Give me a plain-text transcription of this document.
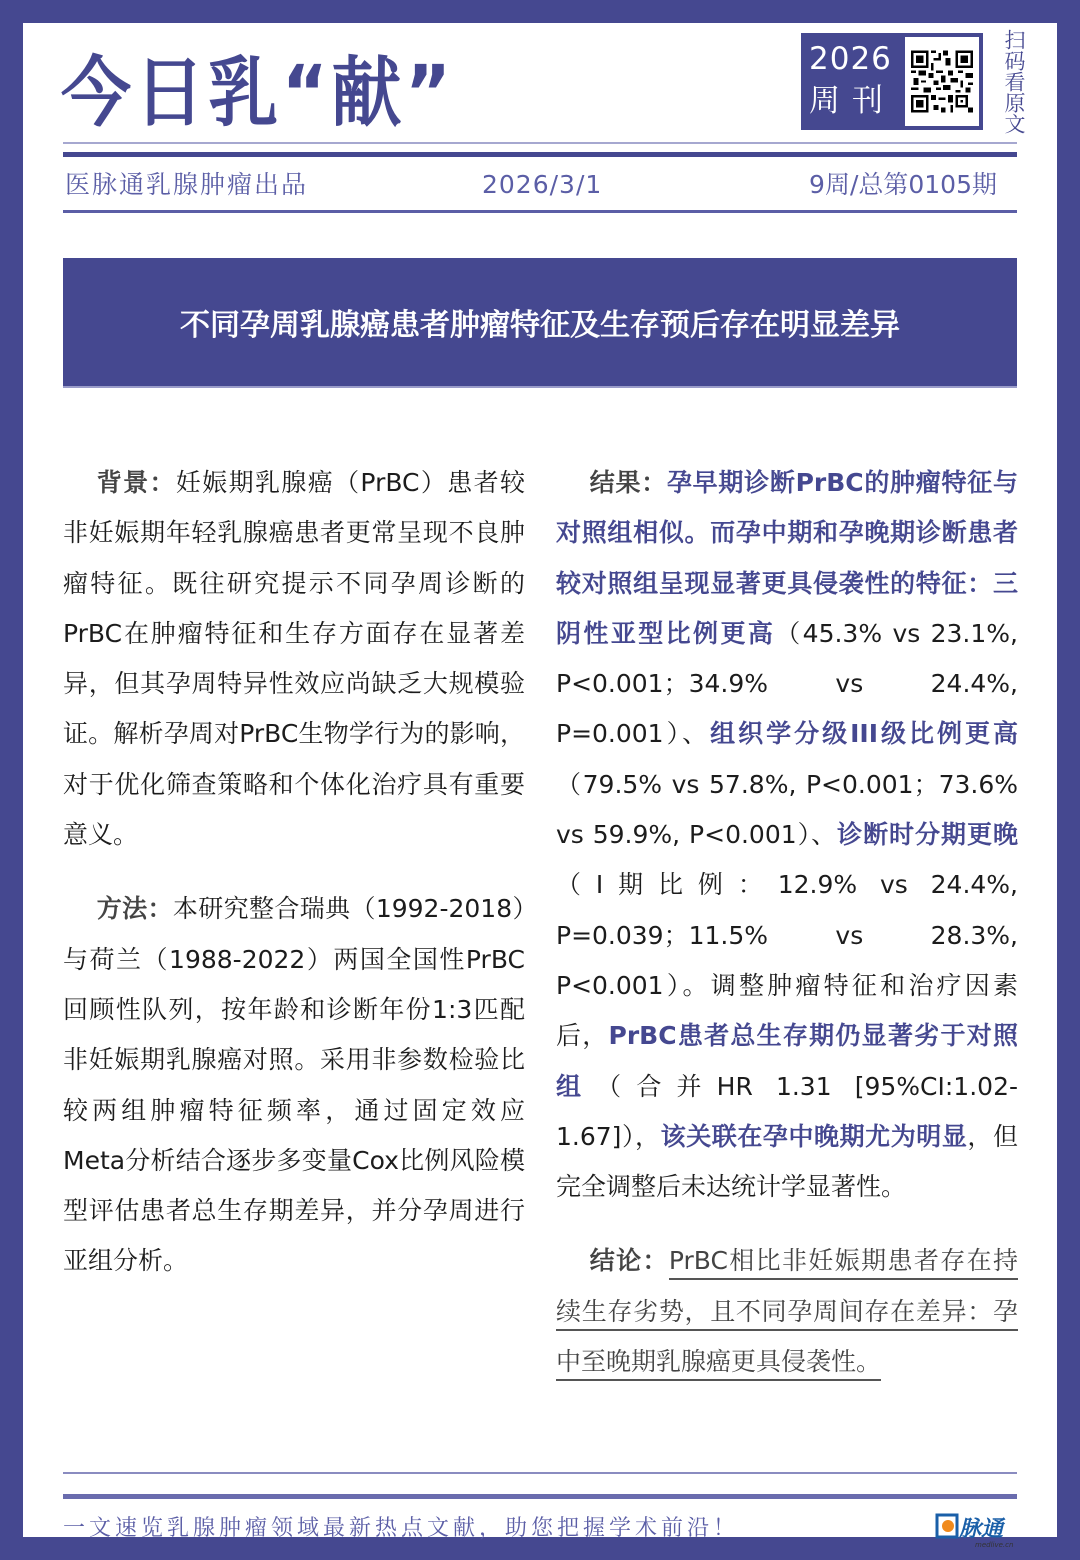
今日乳“献”	2026
周刊	扫码看原文
医脉通乳腺肿瘤出品	2026/3/1	9周/总第0105期
不同孕周乳腺癌患者肿瘤特征及生存预后存在明显差异

背景：妊娠期乳腺癌（PrBC）患者较非妊娠期年轻乳腺癌患者更常呈现不良肿瘤特征。既往研究提示不同孕周诊断的PrBC在肿瘤特征和生存方面存在显著差异，但其孕周特异性效应尚缺乏大规模验证。解析孕周对PrBC生物学行为的影响，对于优化筛查策略和个体化治疗具有重要意义。

方法：本研究整合瑞典（1992-2018）与荷兰（1988-2022）两国全国性PrBC回顾性队列，按年龄和诊断年份1:3匹配非妊娠期乳腺癌对照。采用非参数检验比较两组肿瘤特征频率，通过固定效应Meta分析结合逐步多变量Cox比例风险模型评估患者总生存期差异，并分孕周进行亚组分析。

结果：孕早期诊断PrBC的肿瘤特征与对照组相似。而孕中期和孕晚期诊断患者较对照组呈现显著更具侵袭性的特征：三阴性亚型比例更高（45.3% vs 23.1%, P<0.001；34.9% vs 24.4%, P=0.001）、组织学分级III级比例更高（79.5% vs 57.8%, P<0.001；73.6% vs 59.9%, P<0.001）、诊断时分期更晚（I期比例：12.9% vs 24.4%, P=0.039；11.5% vs 28.3%, P<0.001）。调整肿瘤特征和治疗因素后，PrBC患者总生存期仍显著劣于对照组（合并HR 1.31 [95%CI:1.02-1.67]），该关联在孕中晚期尤为明显，但完全调整后未达统计学显著性。

结论：PrBC相比非妊娠期患者存在持续生存劣势，且不同孕周间存在差异：孕中至晚期乳腺癌更具侵袭性。

一文速览乳腺肿瘤领域最新热点文献，助您把握学术前沿！	脉通
medlive.cn
